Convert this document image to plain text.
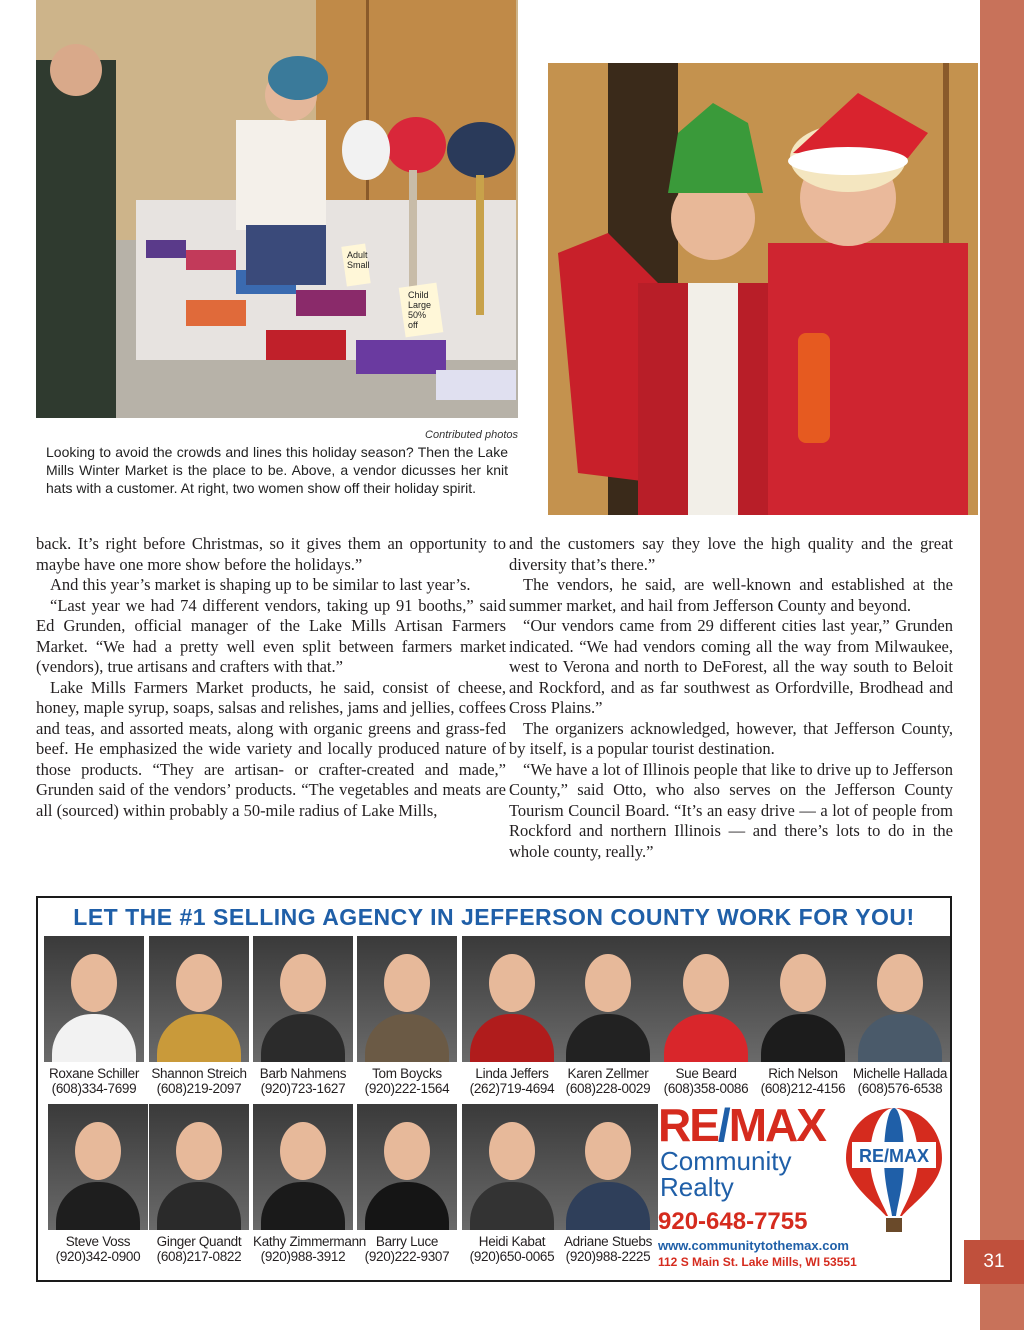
31
Adult Small
Child Large 50% off
Contributed photos
Looking to avoid the crowds and lines this holiday season? Then the Lake Mills Winter Market is the place to be. Above, a vendor dicusses her knit hats with a customer. At right, two women show off their holiday spirit.

back. It’s right before Christmas, so it gives them an opportunity to maybe have one more show before the holidays.”

And this year’s market is shaping up to be similar to last year’s.

“Last year we had 74 different vendors, taking up 91 booths,” said Ed Grunden, official manager of the Lake Mills Artisan Farmers Market. “We had a pretty well even split between farmers market (vendors), true artisans and crafters with that.”

Lake Mills Farmers Market products, he said, consist of cheese, honey, maple syrup, soaps, salsas and relishes, jams and jellies, coffees and teas, and assorted meats, along with organic greens and grass-fed beef. He emphasized the wide variety and locally produced nature of those products. “They are artisan- or crafter-created and made,” Grunden said of the vendors’ products. “The vegetables and meats are all (sourced) within probably a 50-mile radius of Lake Mills,

and the customers say they love the high quality and the great diversity that’s there.”

The vendors, he said, are well-known and established at the summer market, and hail from Jefferson County and beyond.

“Our vendors came from 29 different cities last year,” Grunden indicated. “We had vendors coming all the way from Milwaukee, west to Verona and north to DeForest, all the way south to Beloit and Rockford, and as far southwest as Orfordville, Brodhead and Cross Plains.”

The organizers acknowledged, however, that Jefferson County, by itself, is a popular tourist destination.

“We have a lot of Illinois people that like to drive up to Jefferson County,” said Otto, who also serves on the Jefferson County Tourism Council Board. “It’s an easy drive — a lot of people from Rockford and northern Illinois — and there’s lots to do in the whole county, really.”

LET THE #1 SELLING AGENCY IN JEFFERSON COUNTY WORK FOR YOU!
Roxane Schiller
(608)334-7699
Shannon Streich
(608)219-2097
Barb Nahmens
(920)723-1627
Tom Boycks
(920)222-1564
Linda Jeffers
(262)719-4694
Karen Zellmer
(608)228-0029
Sue Beard
(608)358-0086
Rich Nelson
(608)212-4156
Michelle Hallada
(608)576-6538
Steve Voss
(920)342-0900
Ginger Quandt
(608)217-0822
Kathy Zimmermann
(920)988-3912
Barry Luce
(920)222-9307
Heidi Kabat
(920)650-0065
Adriane Stuebs
(920)988-2225
RE/MAX
Community
Realty
920-648-7755
www.communitytothemax.com
112 S Main St. Lake Mills, WI 53551
RE/MAX
